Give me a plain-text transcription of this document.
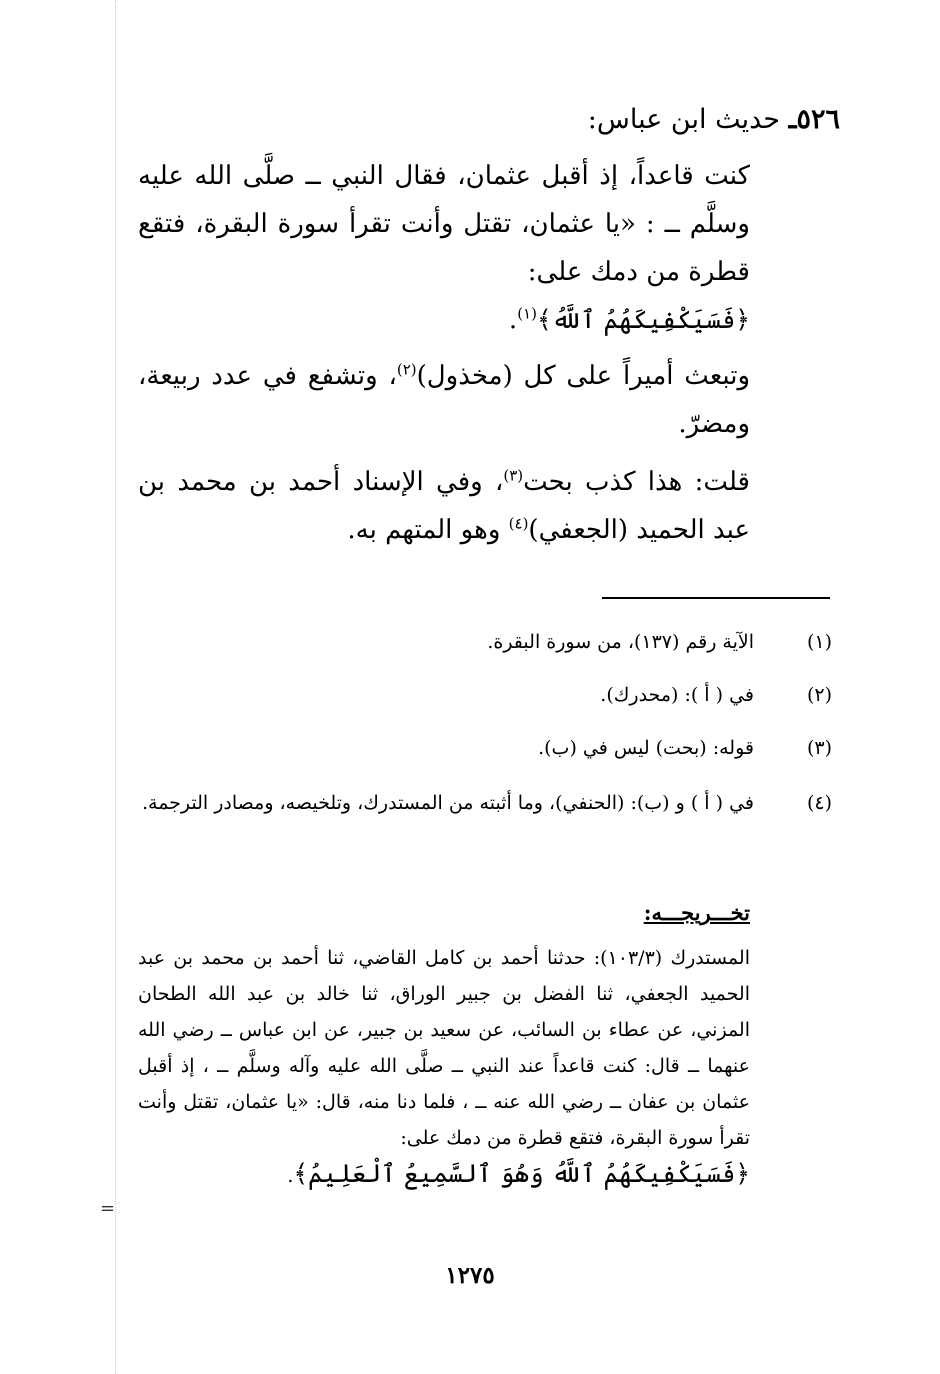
=
٥٢٦ـ حديث ابن عباس:
كنت قاعداً، إذ أقبل عثمان، فقال النبي ــ صلَّى الله عليه وسلَّم ــ : «يا عثمان، تقتل وأنت تقرأ سورة البقرة، فتقع قطرة من دمك على:
﴿فَسَيَكْفِيكَهُمُ ٱللَّهُ﴾$^{(١)}$.
وتبعث أميراً على كل (مخذول)$^{(٢)}$، وتشفع في عدد ربيعة، ومضرّ.
قلت: هذا كذب بحت$^{(٣)}$، وفي الإسناد أحمد بن محمد بن عبد الحميد (الجعفي)$^{(٤)}$ وهو المتهم به.
(١)
الآية رقم (١٣٧)، من سورة البقرة.
(٢)
في ( أ ): (محدرك).
(٣)
قوله: (بحت) ليس في (ب).
(٤)
في ( أ ) و (ب): (الحنفي)، وما أثبته من المستدرك، وتلخيصه، ومصادر الترجمة.
تخـــريجـــه:
المستدرك (١٠٣/٣): حدثنا أحمد بن كامل القاضي، ثنا أحمد بن محمد بن عبد الحميد الجعفي، ثنا الفضل بن جبير الوراق، ثنا خالد بن عبد الله الطحان المزني، عن عطاء بن السائب، عن سعيد بن جبير، عن ابن عباس ــ رضي الله عنهما ــ قال: كنت قاعداً عند النبي ــ صلَّى الله عليه وآله وسلَّم ــ ، إذ أقبل عثمان بن عفان ــ رضي الله عنه ــ ، فلما دنا منه، قال: «يا عثمان، تقتل وأنت تقرأ سورة البقرة، فتقع قطرة من دمك على:
﴿فَسَيَكْفِيكَهُمُ ٱللَّهُ وَهُوَ ٱلسَّمِيعُ ٱلْعَلِيمُ﴾.
١٢٧٥
